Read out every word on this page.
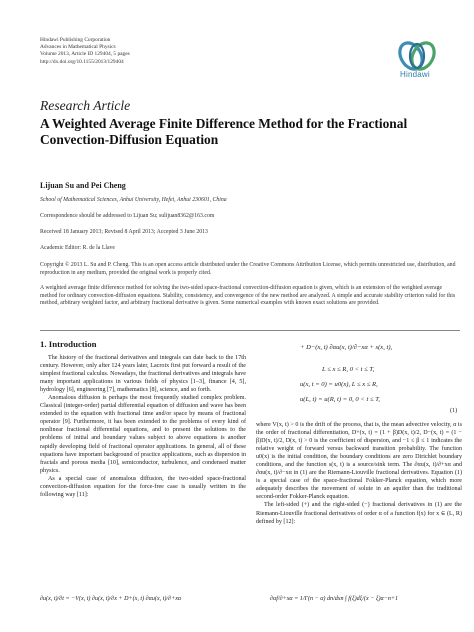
Hindawi Publishing Corporation
Advances in Mathematical Physics
Volume 2013, Article ID 129404, 5 pages
http://dx.doi.org/10.1155/2013/129404
Hindawi
Research Article
A Weighted Average Finite Difference Method for the Fractional Convection-Diffusion Equation
Lijuan Su and Pei Cheng
School of Mathematical Sciences, Anhui University, Hefei, Anhui 230601, China
Correspondence should be addressed to Lijuan Su; sulijuan8362@163.com
Received 18 January 2013; Revised 8 April 2013; Accepted 3 June 2013
Academic Editor: R. de la Llave
Copyright © 2013 L. Su and P. Cheng. This is an open access article distributed under the Creative Commons Attribution License, which permits unrestricted use, distribution, and reproduction in any medium, provided the original work is properly cited.
A weighted average finite difference method for solving the two-sided space-fractional convection-diffusion equation is given, which is an extension of the weighted average method for ordinary convection-diffusion equations. Stability, consistency, and convergence of the new method are analyzed. A simple and accurate stability criterion valid for this method, arbitrary weighted factor, and arbitrary fractional derivative is given. Some numerical examples with known exact solutions are provided.
1. Introduction

The history of the fractional derivatives and integrals can date back to the 17th century. However, only after 124 years later, Lacroix first put forward a result of the simplest fractional calculus. Nowadays, the fractional derivatives and integrals have many important applications in various fields of physics [1–3], finance [4, 5], hydrology [6], engineering [7], mathematics [8], science, and so forth.

Anomalous diffusion is perhaps the most frequently studied complex problem. Classical (integer-order) partial differential equation of diffusion and wave has been extended to the equation with fractional time and/or space by means of fractional operator [9]. Furthermore, it has been extended to the problems of every kind of nonlinear fractional differential equations, and to present the solutions to the problems of initial and boundary values subject to above equations is another rapidly developing field of fractional operator applications. In general, all of these equations have important background of practice applications, such as dispersion in fractals and porous media [10], semiconductor, turbulence, and condensed matter physics.

As a special case of anomalous diffusion, the two-sided space-fractional convection-diffusion equation for the force-free case is usually written in the following way [11]:

∂u(x, t)/∂t = −V(x, t) ∂u(x, t)/∂x + D+(x, t) ∂αu(x, t)/∂+xα
+ D−(x, t) ∂αu(x, t)/∂−xα + s(x, t),
L ≤ x ≤ R, 0 < t ≤ T,
u(x, t = 0) = u0(x), L ≤ x ≤ R,
u(L, t) = u(R, t) = 0, 0 < t ≤ T,
(1)

where V(x, t) > 0 is the drift of the process, that is, the mean advective velocity, α is the order of fractional differentiation, D+(x, t) = (1 + β)D(x, t)/2, D−(x, t) = (1 − β)D(x, t)/2, D(x, t) > 0 is the coefficient of dispersion, and −1 ≤ β ≤ 1 indicates the relative weight of forward versus backward transition probability. The function u0(x) is the initial condition, the boundary conditions are zero Dirichlet boundary conditions, and the function s(x, t) is a source/sink term. The ∂αu(x, t)/∂+xα and ∂αu(x, t)/∂−xα in (1) are the Riemann-Liouville fractional derivatives. Equation (1) is a special case of the space-fractional Fokker-Planck equation, which more adequately describes the movement of solute in an aquifer than the traditional second-order Fokker-Planck equation.

The left-sided (+) and the right-sided (−) fractional derivatives in (1) are the Riemann-Liouville fractional derivatives of order α of a function f(x) for x ∈ (L, R) defined by [12]:

∂αf/∂+xα = 1/Γ(n − α) dn/dxn ∫ f(ξ)dξ/(x − ξ)α−n+1
